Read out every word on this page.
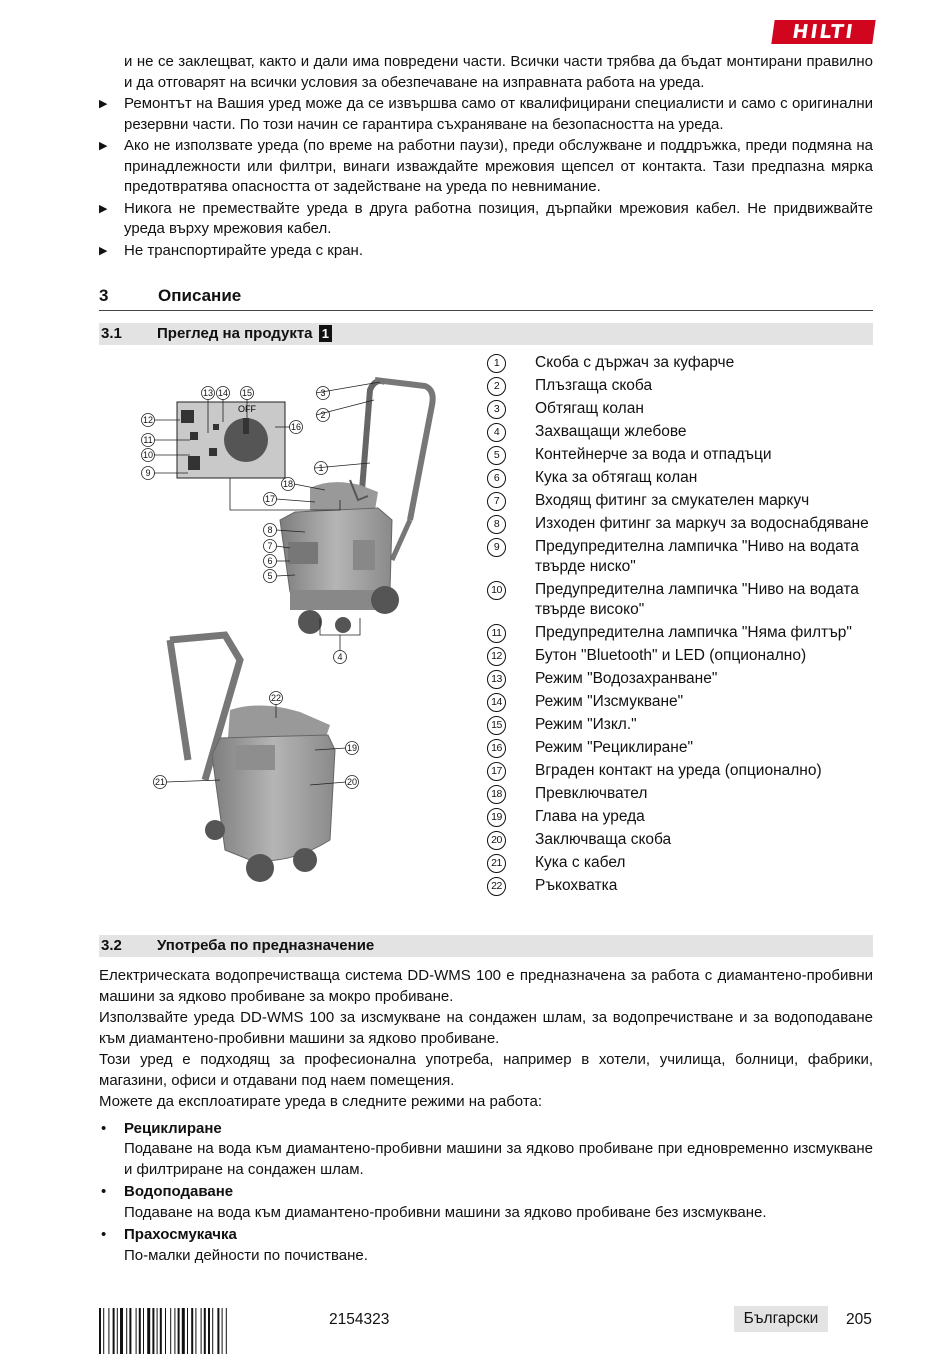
HILTI
и не се заклещват, както и дали има повредени части. Всички части трябва да бъдат монтирани правилно и да отговарят на всички условия за обезпечаване на изправната работа на уреда.
▶ Ремонтът на Вашия уред може да се извършва само от квалифицирани специалисти и само с оригинални резервни части. По този начин се гарантира съхраняване на безопасността на уреда.
▶ Ако не използвате уреда (по време на работни паузи), преди обслужване и поддръжка, преди подмяна на принадлежности или филтри, винаги изваждайте мрежовия щепсел от контакта. Тази предпазна мярка предотвратява опасността от задействане на уреда по невнимание.
▶ Никога не премествайте уреда в друга работна позиция, дърпайки мрежовия кабел. Не придвижвайте уреда върху мрежовия кабел.
▶ Не транспортирайте уреда с кран.
3	Описание
3.1 Преглед на продукта 1
OFF
12
11
10
9
13 14 15
16
3
2
1
18
17
8
7
6
5
4
22
19
20
21
1	Скоба с държач за куфарче
2	Плъзгаща скоба
3	Обтягащ колан
4	Захващащи жлебове
5	Контейнерче за вода и отпадъци
6	Кука за обтягащ колан
7	Входящ фитинг за смукателен маркуч
8	Изходен фитинг за маркуч за водоснабдяване
9	Предупредителна лампичка "Ниво на водата твърде ниско"
10 Предупредителна лампичка "Ниво на водата твърде високо"
11 Предупредителна лампичка "Няма филтър"
12 Бутон "Bluetooth" и LED (опционално)
13 Режим "Водозахранване"
14 Режим "Изсмукване"
15 Режим "Изкл."
16 Режим "Рециклиране"
17 Вграден контакт на уреда (опционално)
18 Превключвател
19 Глава на уреда
20 Заключваща скоба
21 Кука с кабел
22 Ръкохватка
3.2 Употреба по предназначение
Електрическата водопречистваща система DD-WMS 100 е предназначена за работа с диамантено-пробивни машини за ядково пробиване за мокро пробиване.
Използвайте уреда DD-WMS 100 за изсмукване на сондажен шлам, за водопречистване и за водоподаване към диамантено-пробивни машини за ядково пробиване.
Този уред е подходящ за професионална употреба, например в хотели, училища, болници, фабрики, магазини, офиси и отдавани под наем помещения.
Можете да експлоатирате уреда в следните режими на работа:
• Рециклиране
Подаване на вода към диамантено-пробивни машини за ядково пробиване при едновременно изсмукване и филтриране на сондажен шлам.
• Водоподаване
Подаване на вода към диамантено-пробивни машини за ядково пробиване без изсмукване.
• Прахосмукачка
По-малки дейности по почистване.
2154323	Български	205
